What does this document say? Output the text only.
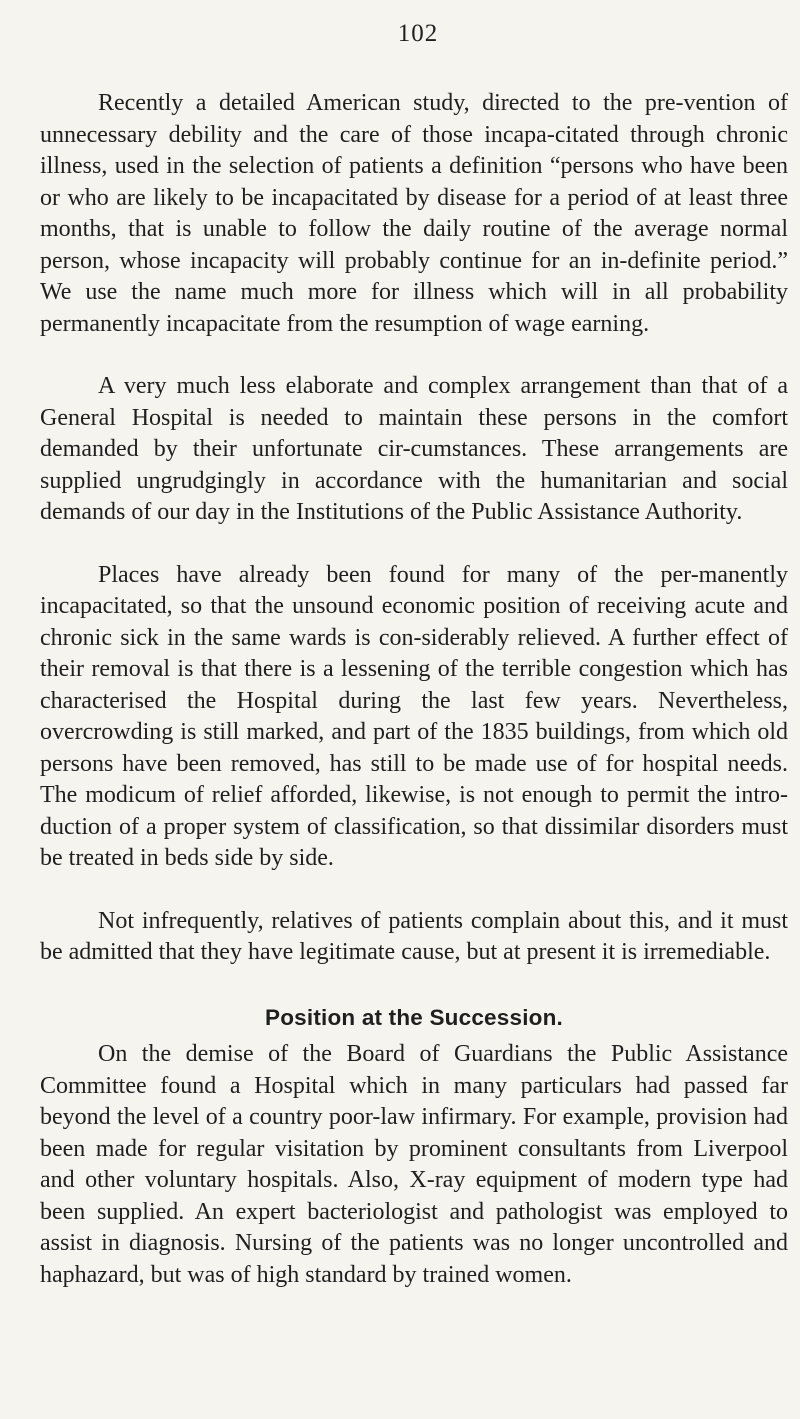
102

Recently a detailed American study, directed to the pre-vention of unnecessary debility and the care of those incapa-citated through chronic illness, used in the selection of patients a definition “persons who have been or who are likely to be incapacitated by disease for a period of at least three months, that is unable to follow the daily routine of the average normal person, whose incapacity will probably continue for an in-definite period.” We use the name much more for illness which will in all probability permanently incapacitate from the resumption of wage earning.

A very much less elaborate and complex arrangement than that of a General Hospital is needed to maintain these persons in the comfort demanded by their unfortunate cir-cumstances. These arrangements are supplied ungrudgingly in accordance with the humanitarian and social demands of our day in the Institutions of the Public Assistance Authority.

Places have already been found for many of the per-manently incapacitated, so that the unsound economic position of receiving acute and chronic sick in the same wards is con-siderably relieved. A further effect of their removal is that there is a lessening of the terrible congestion which has characterised the Hospital during the last few years. Nevertheless, overcrowding is still marked, and part of the 1835 buildings, from which old persons have been removed, has still to be made use of for hospital needs. The modicum of relief afforded, likewise, is not enough to permit the intro-duction of a proper system of classification, so that dissimilar disorders must be treated in beds side by side.

Not infrequently, relatives of patients complain about this, and it must be admitted that they have legitimate cause, but at present it is irremediable.

Position at the Succession.

On the demise of the Board of Guardians the Public Assistance Committee found a Hospital which in many particulars had passed far beyond the level of a country poor-law infirmary. For example, provision had been made for regular visitation by prominent consultants from Liverpool and other voluntary hospitals. Also, X-ray equipment of modern type had been supplied. An expert bacteriologist and pathologist was employed to assist in diagnosis. Nursing of the patients was no longer uncontrolled and haphazard, but was of high standard by trained women.
